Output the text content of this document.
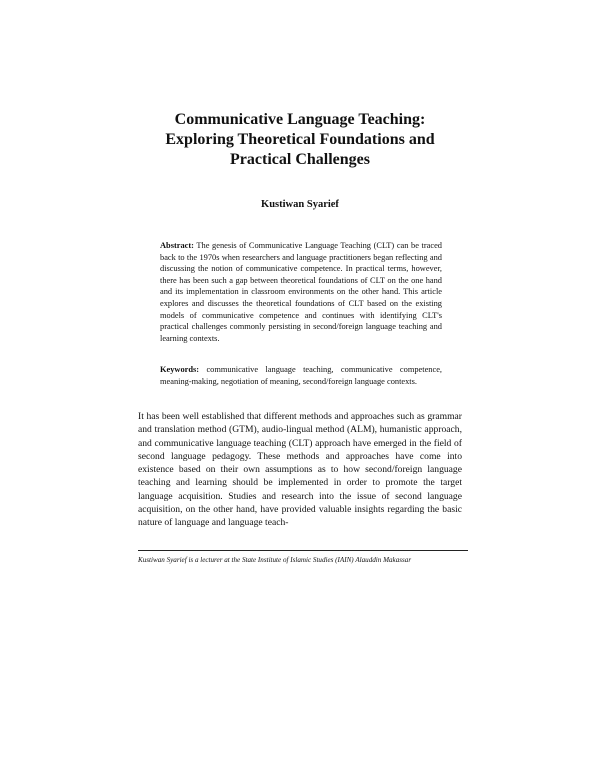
Communicative Language Teaching:
Exploring Theoretical Foundations and
Practical Challenges
Kustiwan Syarief
Abstract: The genesis of Communicative Language Teaching (CLT) can be traced back to the 1970s when researchers and language practitioners began reflecting and discussing the notion of communicative competence. In practical terms, however, there has been such a gap between theoretical foundations of CLT on the one hand and its implementation in classroom environments on the other hand. This article explores and discusses the theoretical foundations of CLT based on the existing models of communicative competence and continues with identifying CLT's practical challenges commonly persisting in second/foreign language teaching and learning contexts.
Keywords: communicative language teaching, communicative competence, meaning-making, negotiation of meaning, second/foreign language contexts.
It has been well established that different methods and approaches such as grammar and translation method (GTM), audio-lingual method (ALM), humanistic approach, and communicative language teaching (CLT) approach have emerged in the field of second language pedagogy. These methods and approaches have come into existence based on their own assumptions as to how second/foreign language teaching and learning should be implemented in order to promote the target language acquisition. Studies and research into the issue of second language acquisition, on the other hand, have provided valuable insights regarding the basic nature of language and language teach-
Kustiwan Syarief is a lecturer at the State Institute of Islamic Studies (IAIN) Alauddin Makassar
